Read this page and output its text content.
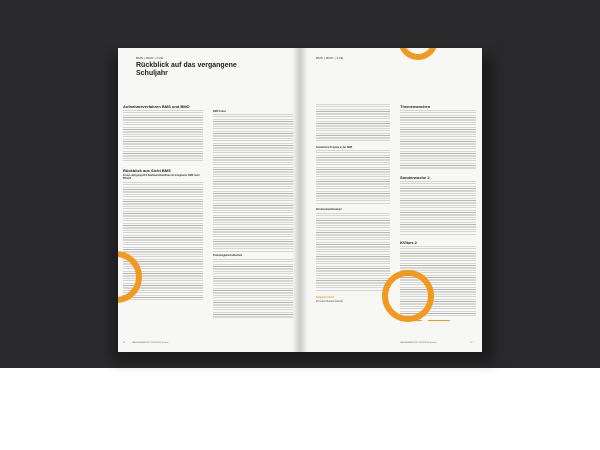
BMS | BMO | KVE
Rückblick auf das vergangene Schuljahr
Aufnahmeverfahren BMS und BMO
Rückblick aus Sicht BMS
Ersten Jahrgang EFZ Kaufmann/Kauffrau mit integrierter BMS nach BiVo23
BMS Fokus
Praxisbegleitschulbetrieb
11	JAHRESBERICHT 2022/2023 Schule
BMS | BMO | KVE
Zusätzliche Projekte in der BMS
Berufsmaturitätsarbeit
Benjamin Imhof
Prorektor Berufsmaturität
Themenwochen
Sonderwoche 2
KVIbes 2
JAHRESBERICHT 2022/2023 Schule	12
